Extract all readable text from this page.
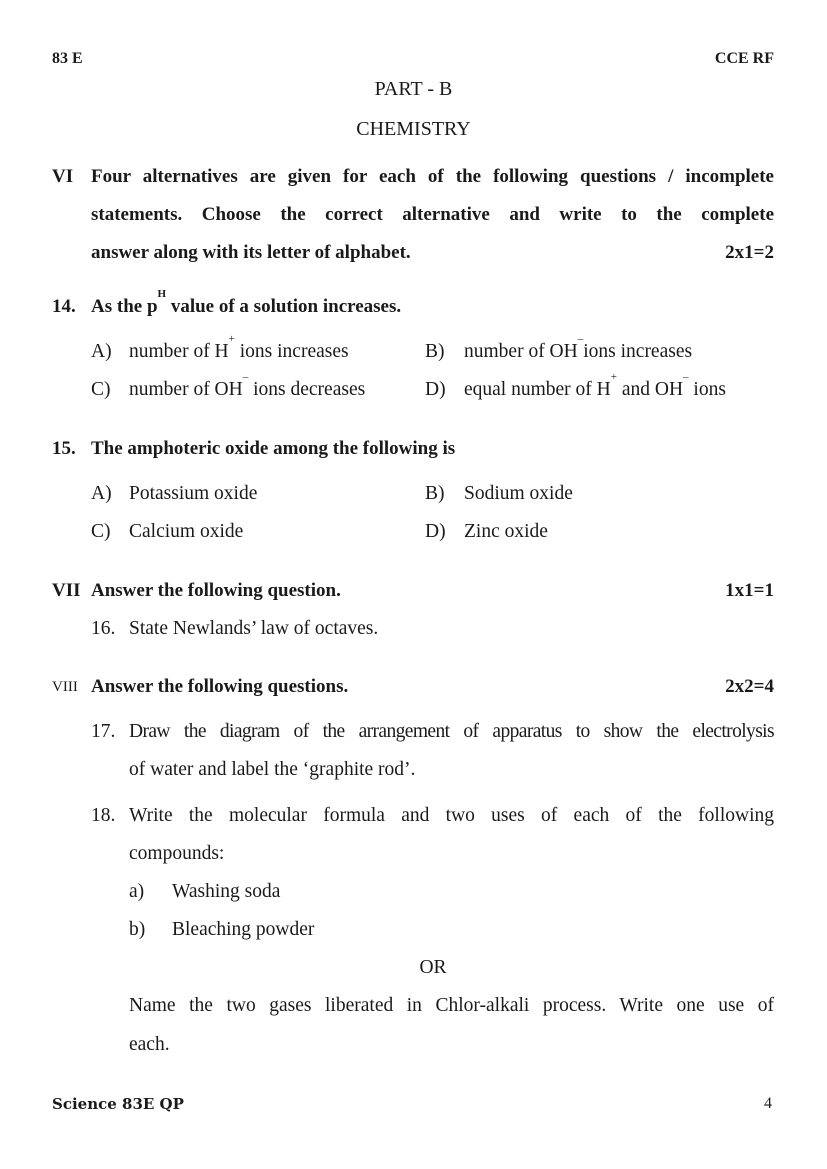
83 E	CCE RF
PART - B
CHEMISTRY
VI Four alternatives are given for each of the following questions / incomplete
statements. Choose the correct alternative and write to the complete
answer along with its letter of alphabet.	2x1=2
14. As the $p^H$ value of a solution increases.
A) number of H+ ions increases	B) number of OH–ions increases
C) number of OH– ions decreases	D) equal number of H+ and OH– ions
15. The amphoteric oxide among the following is
A) Potassium oxide	B) Sodium oxide
C) Calcium oxide	D) Zinc oxide
VII Answer the following question.	1x1=1
16. State Newlands’ law of octaves.
VIII Answer the following questions.	2x2=4
17. Draw the diagram of the arrangement of apparatus to show the electrolysis
of water and label the ‘graphite rod’.
18. Write the molecular formula and two uses of each of the following
compounds:
a) Washing soda
b) Bleaching powder
OR
Name the two gases liberated in Chlor-alkali process. Write one use of
each.
Science 83E QP	4
